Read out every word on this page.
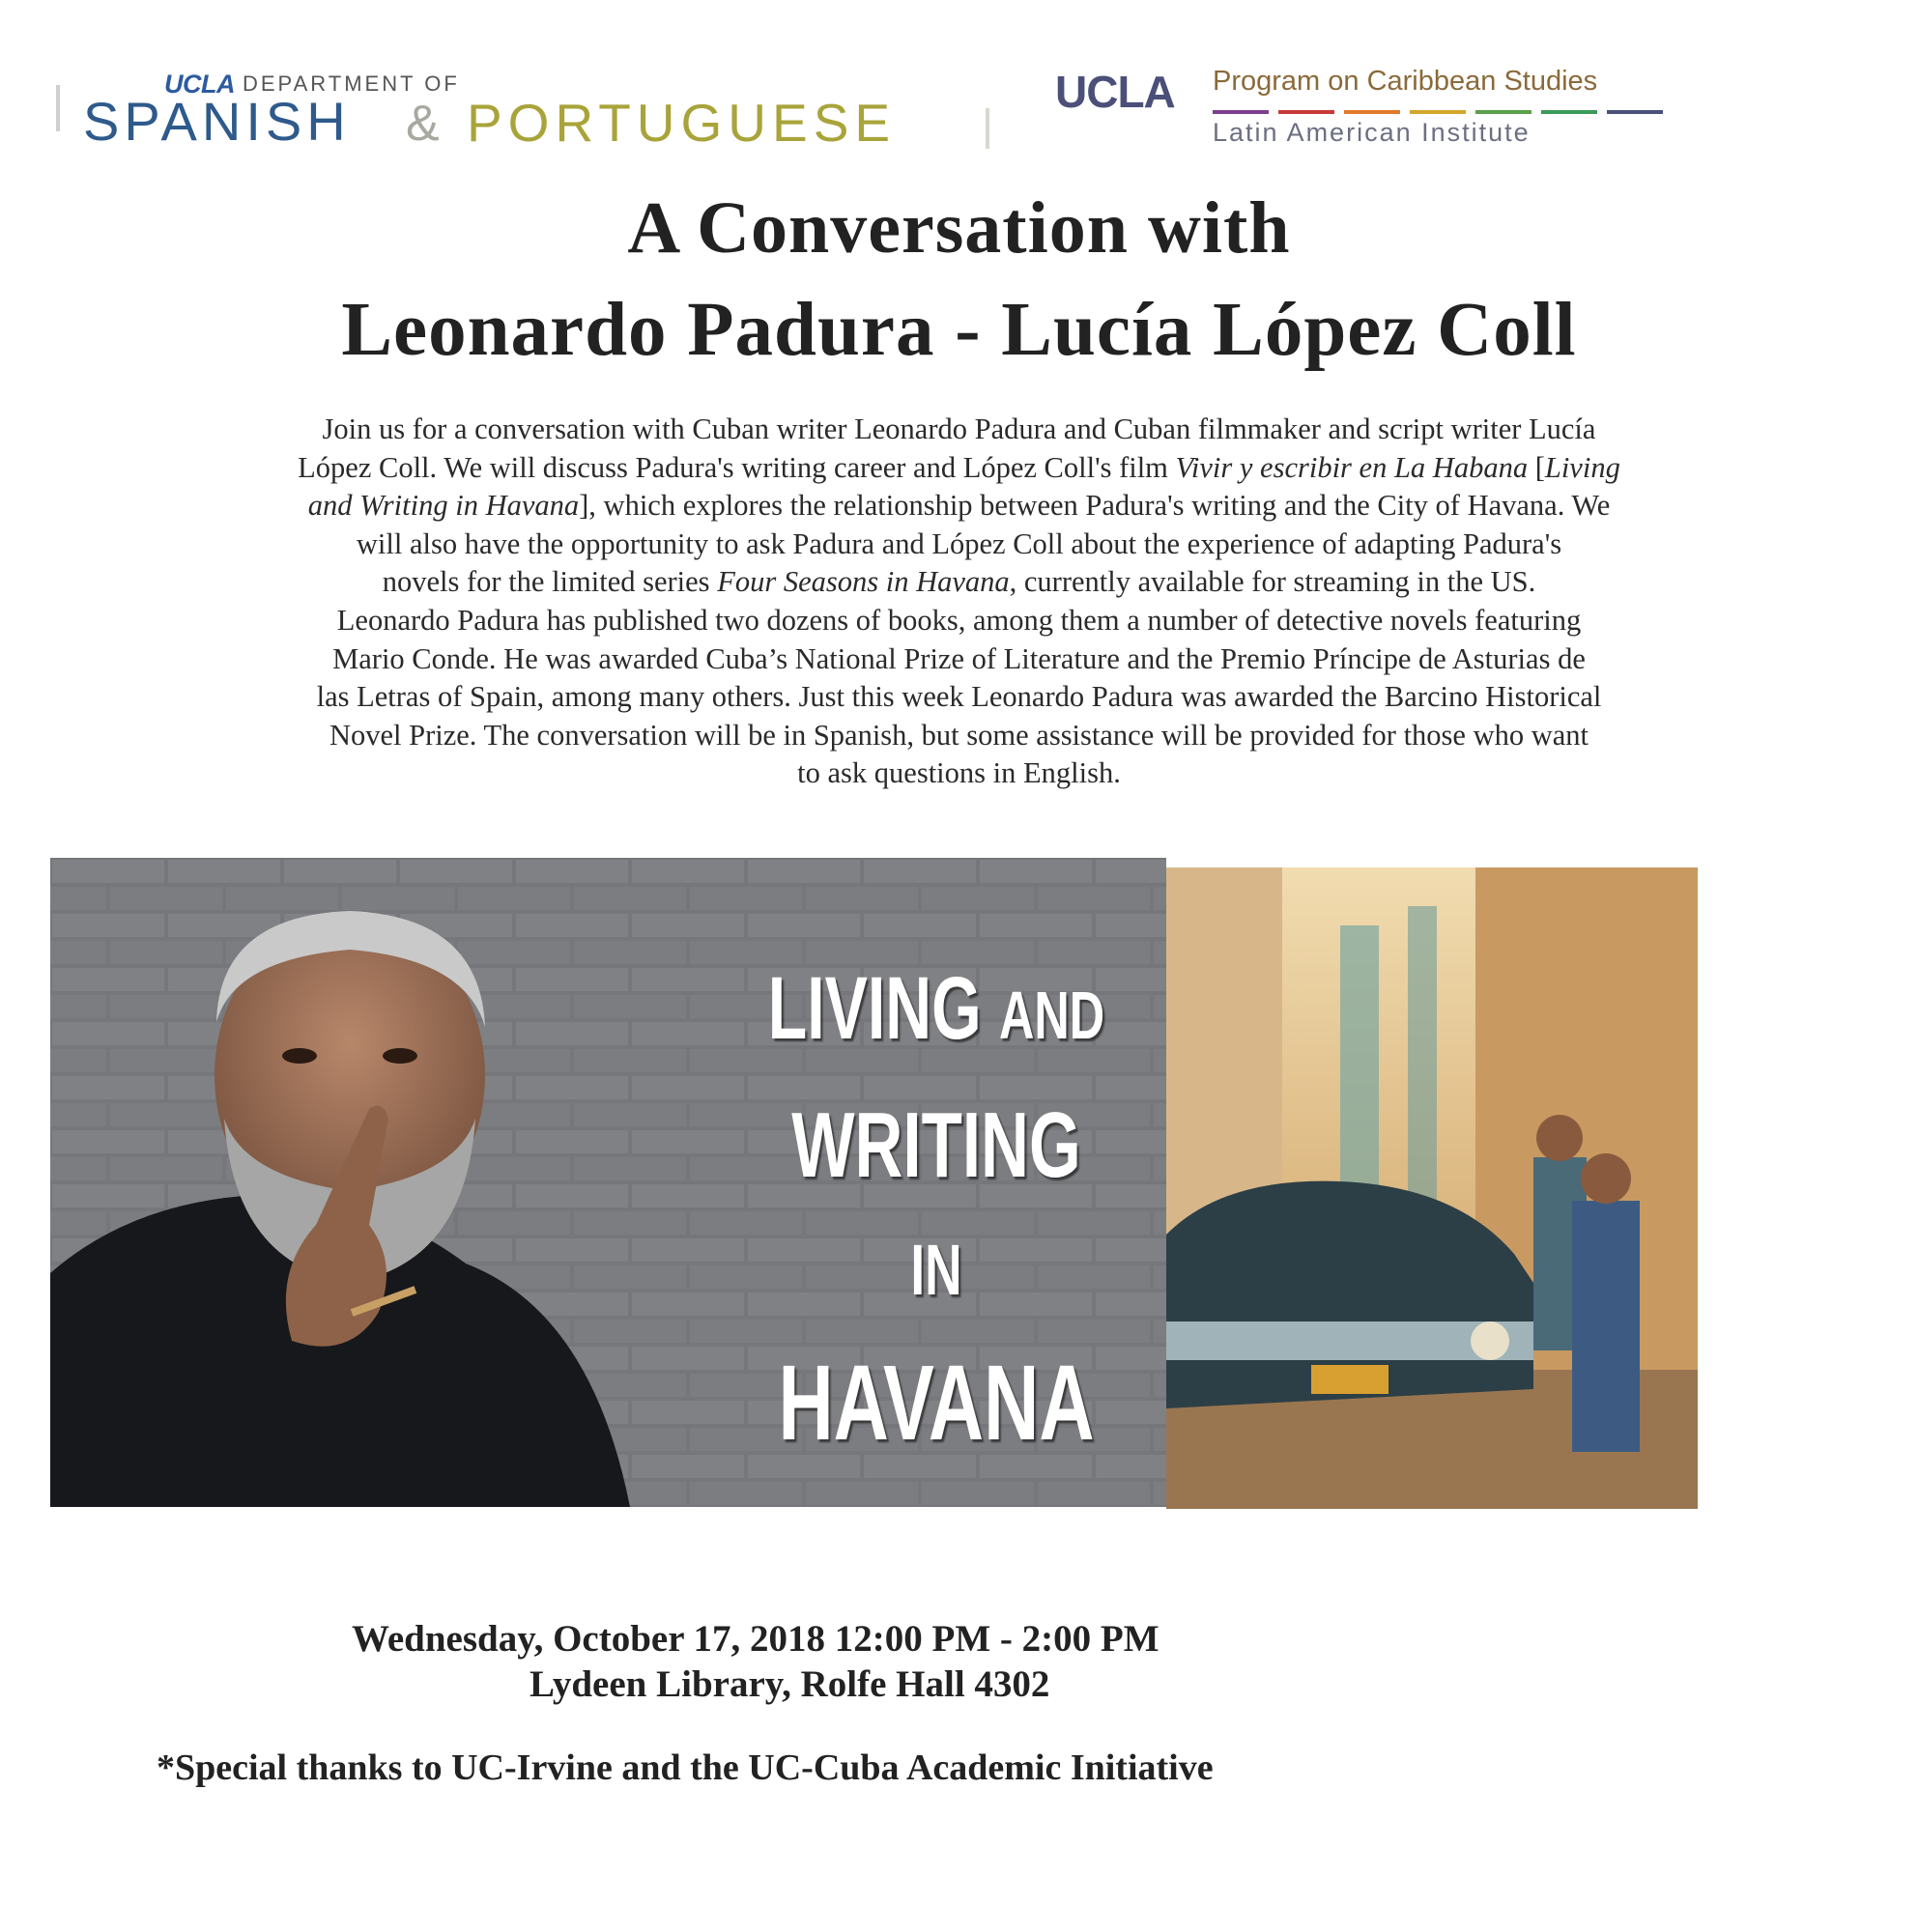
UCLA DEPARTMENT OF
SPANISH & PORTUGUESE
UCLA Program on Caribbean Studies
Latin American Institute
A Conversation with
Leonardo Padura - Lucía López Coll
Join us for a conversation with Cuban writer Leonardo Padura and Cuban filmmaker and script writer Lucía
López Coll. We will discuss Padura's writing career and López Coll's film Vivir y escribir en La Habana [Living
and Writing in Havana], which explores the relationship between Padura's writing and the City of Havana. We
will also have the opportunity to ask Padura and López Coll about the experience of adapting Padura's
novels for the limited series Four Seasons in Havana, currently available for streaming in the US.
Leonardo Padura has published two dozens of books, among them a number of detective novels featuring
Mario Conde. He was awarded Cuba’s National Prize of Literature and the Premio Príncipe de Asturias de
las Letras of Spain, among many others. Just this week Leonardo Padura was awarded the Barcino Historical
Novel Prize. The conversation will be in Spanish, but some assistance will be provided for those who want
to ask questions in English.
LIVING AND
WRITING
IN
HAVANA
Wednesday, October 17, 2018 12:00 PM - 2:00 PM
Lydeen Library, Rolfe Hall 4302
*Special thanks to UC-Irvine and the UC-Cuba Academic Initiative
